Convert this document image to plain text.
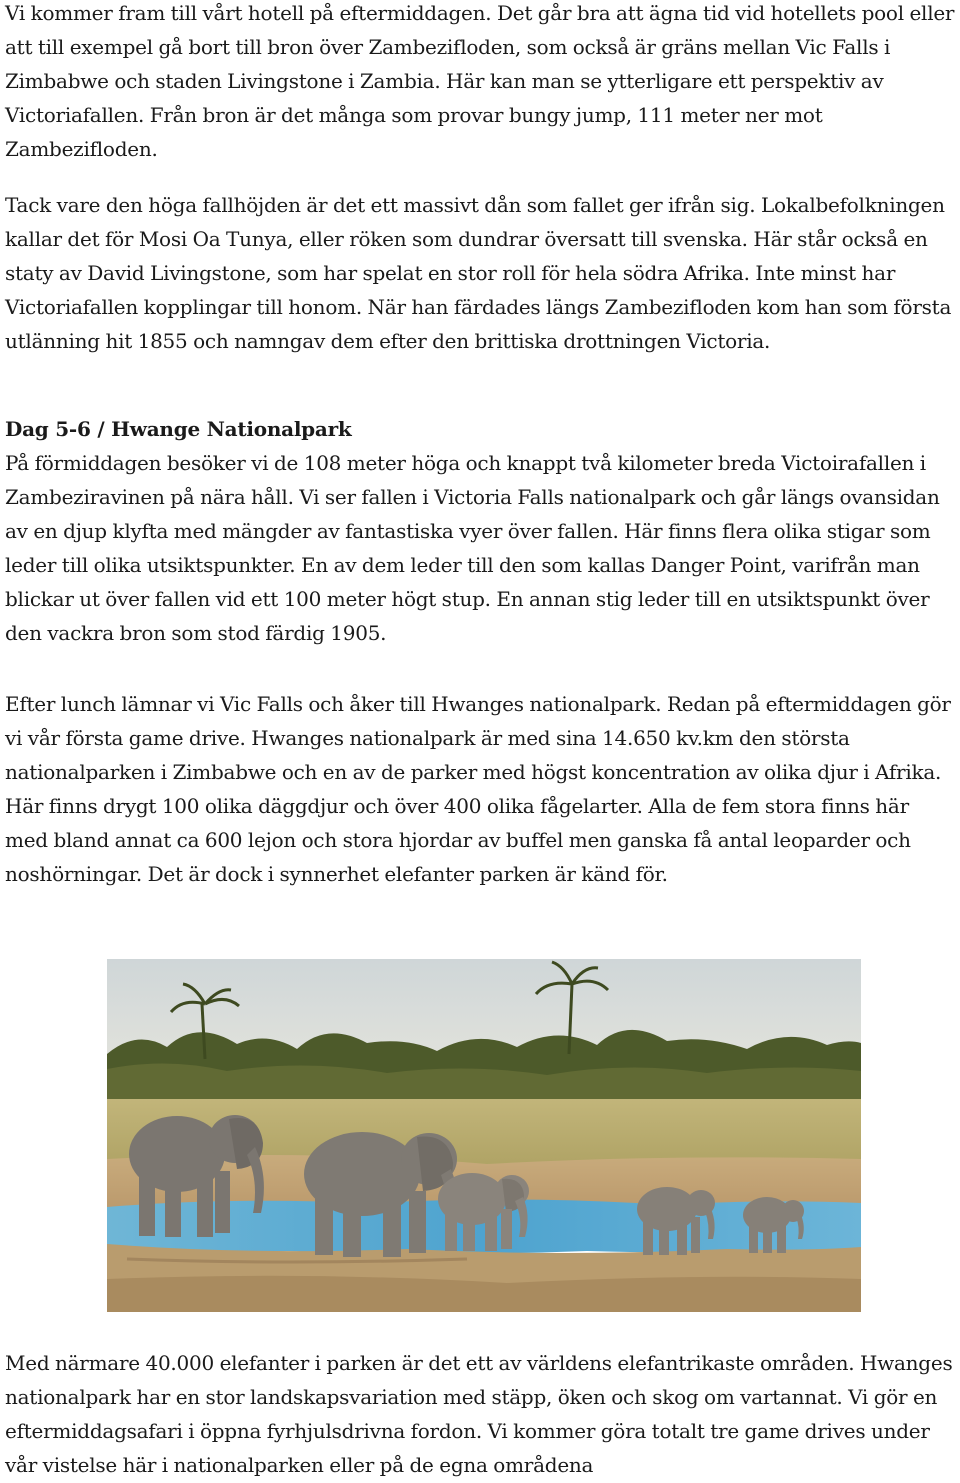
Vi kommer fram till vårt hotell på eftermiddagen. Det går bra att ägna tid vid hotellets pool eller att till exempel gå bort till bron över Zambezifloden, som också är gräns mellan Vic Falls i Zimbabwe och staden Livingstone i Zambia. Här kan man se ytterligare ett perspektiv av Victoriafallen. Från bron är det många som provar bungy jump, 111 meter ner mot Zambezifloden.

Tack vare den höga fallhöjden är det ett massivt dån som fallet ger ifrån sig. Lokalbefolkningen kallar det för Mosi Oa Tunya, eller röken som dundrar översatt till svenska. Här står också en staty av David Livingstone, som har spelat en stor roll för hela södra Afrika. Inte minst har Victoriafallen kopplingar till honom. När han färdades längs Zambezifloden kom han som första utlänning hit 1855 och namngav dem efter den brittiska drottningen Victoria.

Dag 5-6 / Hwange Nationalpark

På förmiddagen besöker vi de 108 meter höga och knappt två kilometer breda Victoirafallen i Zambeziravinen på nära håll. Vi ser fallen i Victoria Falls nationalpark och går längs ovansidan av en djup klyfta med mängder av fantastiska vyer över fallen. Här finns flera olika stigar som leder till olika utsiktspunkter. En av dem leder till den som kallas Danger Point, varifrån man blickar ut över fallen vid ett 100 meter högt stup. En annan stig leder till en utsiktspunkt över den vackra bron som stod färdig 1905.

Efter lunch lämnar vi Vic Falls och åker till Hwanges nationalpark. Redan på eftermiddagen gör vi vår första game drive. Hwanges nationalpark är med sina 14.650 kv.km den största nationalparken i Zimbabwe och en av de parker med högst koncentration av olika djur i Afrika. Här finns drygt 100 olika däggdjur och över 400 olika fågelarter. Alla de fem stora finns här med bland annat ca 600 lejon och stora hjordar av buffel men ganska få antal leoparder och noshörningar. Det är dock i synnerhet elefanter parken är känd för.

Med närmare 40.000 elefanter i parken är det ett av världens elefantrikaste områden. Hwanges nationalpark har en stor landskapsvariation med stäpp, öken och skog om vartannat. Vi gör en eftermiddagsafari i öppna fyrhjulsdrivna fordon. Vi kommer göra totalt tre game drives under vår vistelse här i nationalparken eller på de egna områdena
